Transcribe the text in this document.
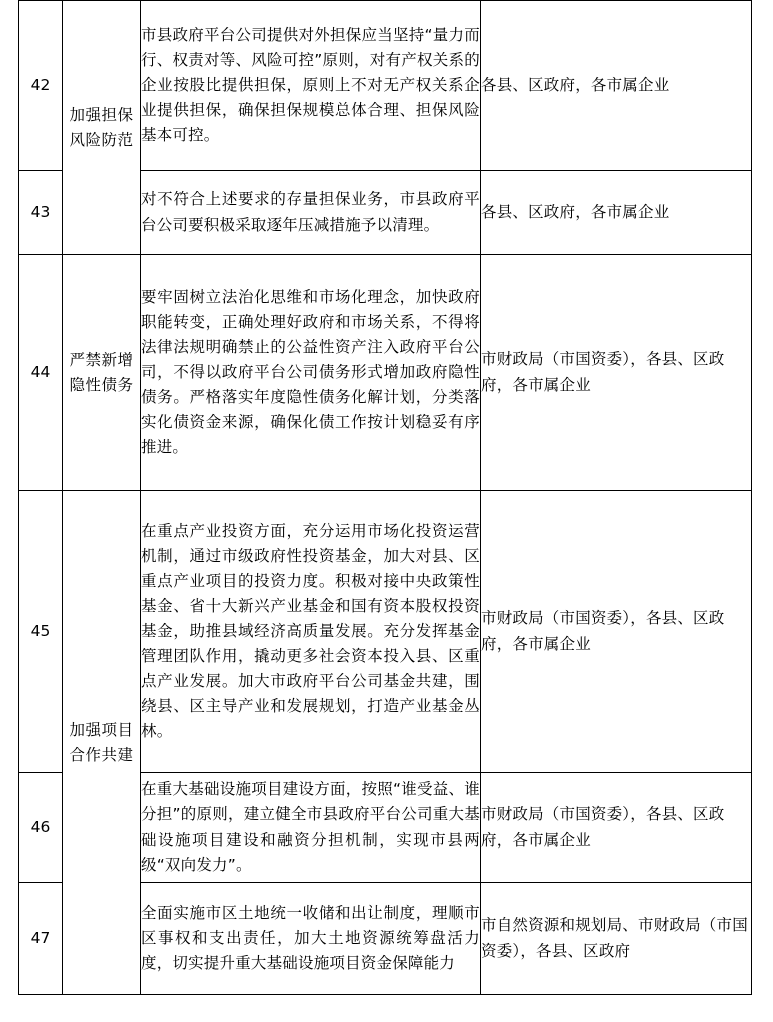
42	加强担保风险防范	市县政府平台公司提供对外担保应当坚持“量力而行、权责对等、风险可控”原则，对有产权关系的企业按股比提供担保，原则上不对无产权关系企业提供担保，确保担保规模总体合理、担保风险基本可控。	各县、区政府，各市属企业
43		对不符合上述要求的存量担保业务，市县政府平台公司要积极采取逐年压减措施予以清理。	各县、区政府，各市属企业
44	严禁新增隐性债务	要牢固树立法治化思维和市场化理念，加快政府职能转变，正确处理好政府和市场关系，不得将法律法规明确禁止的公益性资产注入政府平台公司，不得以政府平台公司债务形式增加政府隐性债务。严格落实年度隐性债务化解计划，分类落实化债资金来源，确保化债工作按计划稳妥有序推进。	市财政局（市国资委），各县、区政府，各市属企业
45	加强项目合作共建	在重点产业投资方面，充分运用市场化投资运营机制，通过市级政府性投资基金，加大对县、区重点产业项目的投资力度。积极对接中央政策性基金、省十大新兴产业基金和国有资本股权投资基金，助推县域经济高质量发展。充分发挥基金管理团队作用，撬动更多社会资本投入县、区重点产业发展。加大市政府平台公司基金共建，围绕县、区主导产业和发展规划，打造产业基金丛林。	市财政局（市国资委），各县、区政府，各市属企业
46		在重大基础设施项目建设方面，按照“谁受益、谁分担”的原则，建立健全市县政府平台公司重大基础设施项目建设和融资分担机制，实现市县两级“双向发力”。	市财政局（市国资委），各县、区政府，各市属企业
47		全面实施市区土地统一收储和出让制度，理顺市区事权和支出责任，加大土地资源统筹盘活力度，切实提升重大基础设施项目资金保障能力	市自然资源和规划局、市财政局（市国资委），各县、区政府
